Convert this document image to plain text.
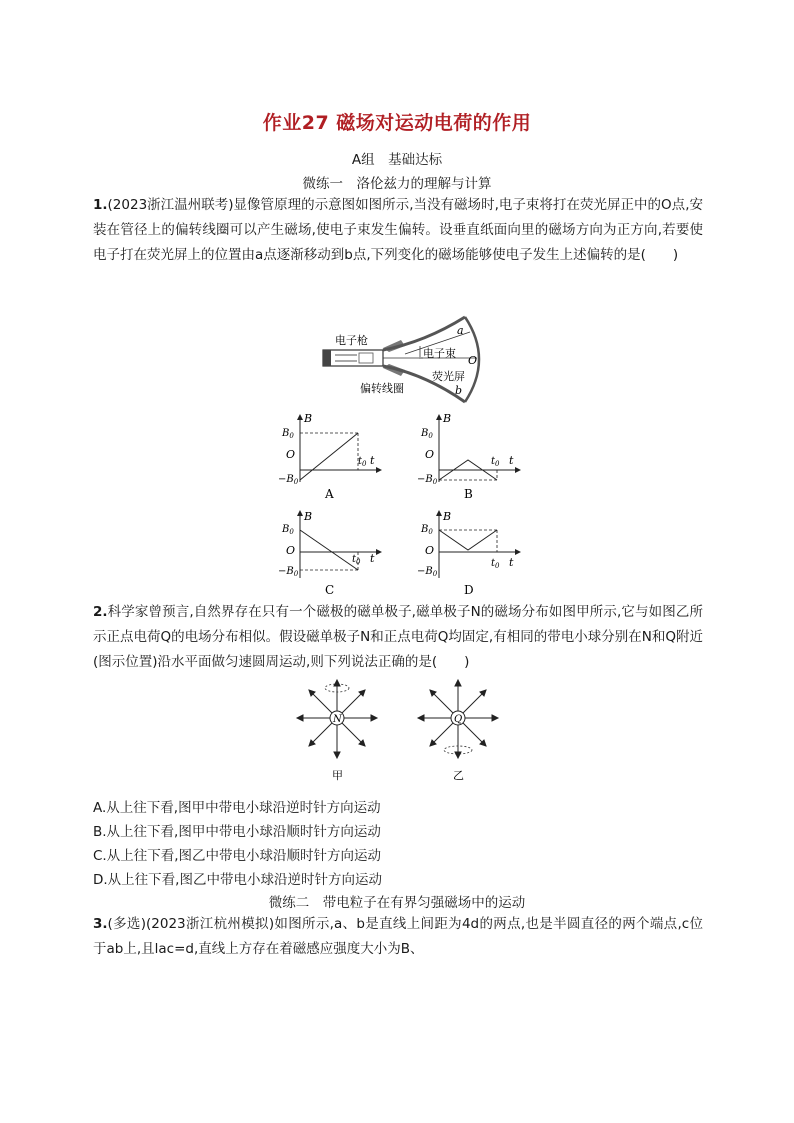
作业27 磁场对运动电荷的作用
A组　基础达标
微练一　洛伦兹力的理解与计算
1.(2023浙江温州联考)显像管原理的示意图如图所示,当没有磁场时,电子束将打在荧光屏正中的O点,安装在管径上的偏转线圈可以产生磁场,使电子束发生偏转。设垂直纸面向里的磁场方向为正方向,若要使电子打在荧光屏上的位置由a点逐渐移动到b点,下列变化的磁场能够使电子发生上述偏转的是(　　)
电子枪
偏转线圈
电子束
荧光屏
a
O
b
B
$B_0$
O
$-B_0$
$t_0$ t
A
B
$B_0$
O
$-B_0$
$t_0$ t
B
B
$B_0$
O
$-B_0$
$t_0$ t
C
B
$B_0$
O
$-B_0$
$t_0$ t
D
2.科学家曾预言,自然界存在只有一个磁极的磁单极子,磁单极子N的磁场分布如图甲所示,它与如图乙所示正点电荷Q的电场分布相似。假设磁单极子N和正点电荷Q均固定,有相同的带电小球分别在N和Q附近(图示位置)沿水平面做匀速圆周运动,则下列说法正确的是(　　)
N
甲
Q
乙
A.从上往下看,图甲中带电小球沿逆时针方向运动
B.从上往下看,图甲中带电小球沿顺时针方向运动
C.从上往下看,图乙中带电小球沿顺时针方向运动
D.从上往下看,图乙中带电小球沿逆时针方向运动
微练二　带电粒子在有界匀强磁场中的运动
3.(多选)(2023浙江杭州模拟)如图所示,a、b是直线上间距为4d的两点,也是半圆直径的两个端点,c位于ab上,且lac=d,直线上方存在着磁感应强度大小为B、
